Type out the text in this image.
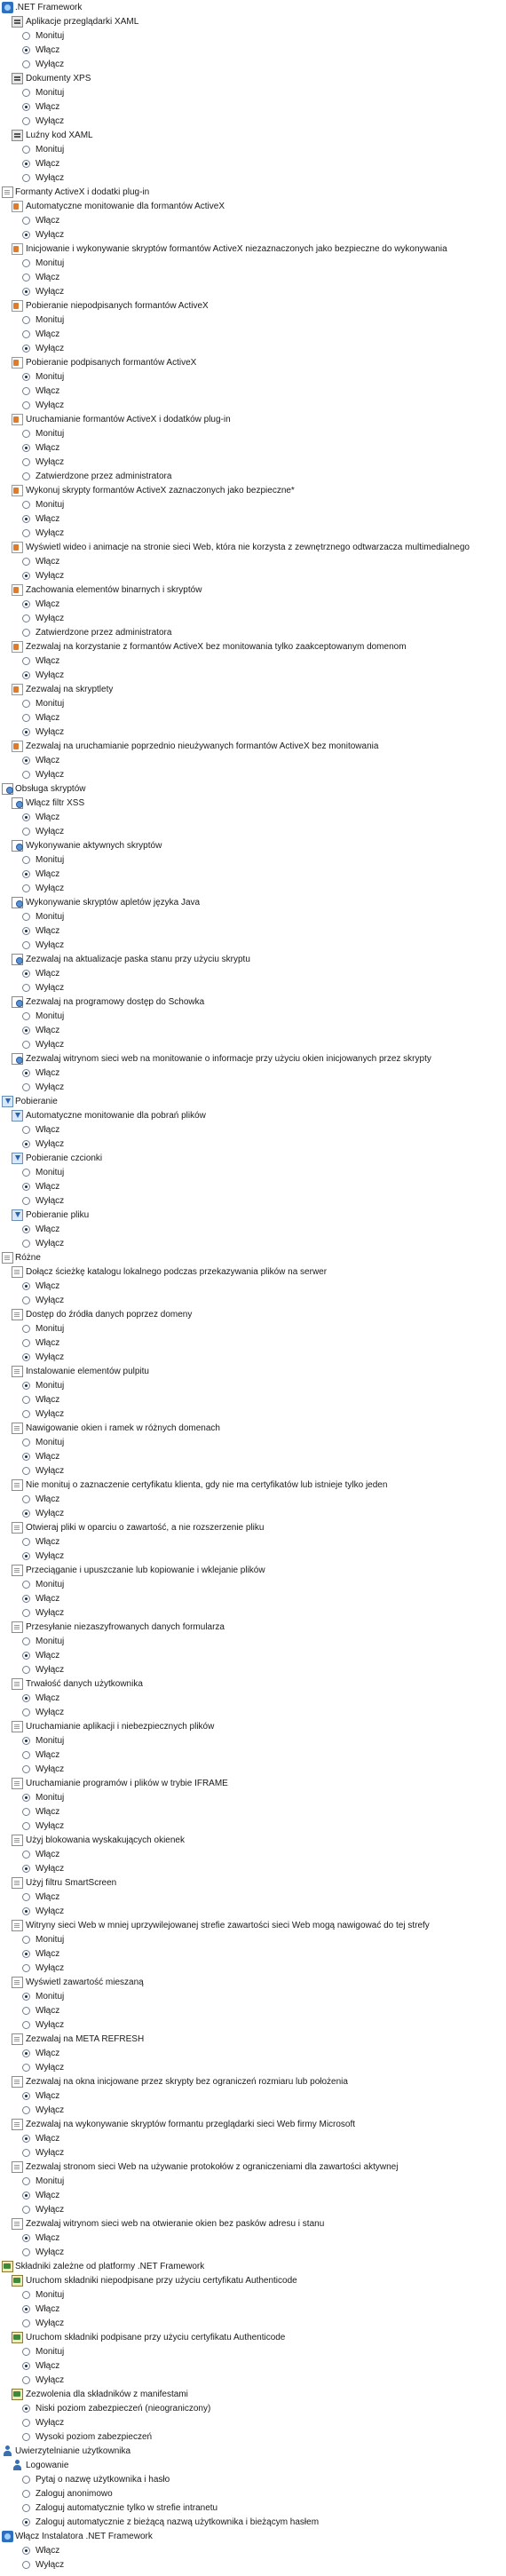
.NET Framework
Aplikacje przeglądarki XAML
Monituj
Włącz
Wyłącz
Dokumenty XPS
Monituj
Włącz
Wyłącz
Luźny kod XAML
Monituj
Włącz
Wyłącz
Formanty ActiveX i dodatki plug-in
Automatyczne monitowanie dla formantów ActiveX
Włącz
Wyłącz
Inicjowanie i wykonywanie skryptów formantów ActiveX niezaznaczonych jako bezpieczne do wykonywania
Monituj
Włącz
Wyłącz
Pobieranie niepodpisanych formantów ActiveX
Monituj
Włącz
Wyłącz
Pobieranie podpisanych formantów ActiveX
Monituj
Włącz
Wyłącz
Uruchamianie formantów ActiveX i dodatków plug-in
Monituj
Włącz
Wyłącz
Zatwierdzone przez administratora
Wykonuj skrypty formantów ActiveX zaznaczonych jako bezpieczne*
Monituj
Włącz
Wyłącz
Wyświetl wideo i animacje na stronie sieci Web, która nie korzysta z zewnętrznego odtwarzacza multimedialnego
Włącz
Wyłącz
Zachowania elementów binarnych i skryptów
Włącz
Wyłącz
Zatwierdzone przez administratora
Zezwalaj na korzystanie z formantów ActiveX bez monitowania tylko zaakceptowanym domenom
Włącz
Wyłącz
Zezwalaj na skryptlety
Monituj
Włącz
Wyłącz
Zezwalaj na uruchamianie poprzednio nieużywanych formantów ActiveX bez monitowania
Włącz
Wyłącz
Obsługa skryptów
Włącz filtr XSS
Włącz
Wyłącz
Wykonywanie aktywnych skryptów
Monituj
Włącz
Wyłącz
Wykonywanie skryptów apletów języka Java
Monituj
Włącz
Wyłącz
Zezwalaj na aktualizacje paska stanu przy użyciu skryptu
Włącz
Wyłącz
Zezwalaj na programowy dostęp do Schowka
Monituj
Włącz
Wyłącz
Zezwalaj witrynom sieci web na monitowanie o informacje przy użyciu okien inicjowanych przez skrypty
Włącz
Wyłącz
Pobieranie
Automatyczne monitowanie dla pobrań plików
Włącz
Wyłącz
Pobieranie czcionki
Monituj
Włącz
Wyłącz
Pobieranie pliku
Włącz
Wyłącz
Różne
Dołącz ścieżkę katalogu lokalnego podczas przekazywania plików na serwer
Włącz
Wyłącz
Dostęp do źródła danych poprzez domeny
Monituj
Włącz
Wyłącz
Instalowanie elementów pulpitu
Monituj
Włącz
Wyłącz
Nawigowanie okien i ramek w różnych domenach
Monituj
Włącz
Wyłącz
Nie monituj o zaznaczenie certyfikatu klienta, gdy nie ma certyfikatów lub istnieje tylko jeden
Włącz
Wyłącz
Otwieraj pliki w oparciu o zawartość, a nie rozszerzenie pliku
Włącz
Wyłącz
Przeciąganie i upuszczanie lub kopiowanie i wklejanie plików
Monituj
Włącz
Wyłącz
Przesyłanie niezaszyfrowanych danych formularza
Monituj
Włącz
Wyłącz
Trwałość danych użytkownika
Włącz
Wyłącz
Uruchamianie aplikacji i niebezpiecznych plików
Monituj
Włącz
Wyłącz
Uruchamianie programów i plików w trybie IFRAME
Monituj
Włącz
Wyłącz
Użyj blokowania wyskakujących okienek
Włącz
Wyłącz
Użyj filtru SmartScreen
Włącz
Wyłącz
Witryny sieci Web w mniej uprzywilejowanej strefie zawartości sieci Web mogą nawigować do tej strefy
Monituj
Włącz
Wyłącz
Wyświetl zawartość mieszaną
Monituj
Włącz
Wyłącz
Zezwalaj na META REFRESH
Włącz
Wyłącz
Zezwalaj na okna inicjowane przez skrypty bez ograniczeń rozmiaru lub położenia
Włącz
Wyłącz
Zezwalaj na wykonywanie skryptów formantu przeglądarki sieci Web firmy Microsoft
Włącz
Wyłącz
Zezwalaj stronom sieci Web na używanie protokołów z ograniczeniami dla zawartości aktywnej
Monituj
Włącz
Wyłącz
Zezwalaj witrynom sieci web na otwieranie okien bez pasków adresu i stanu
Włącz
Wyłącz
Składniki zależne od platformy .NET Framework
Uruchom składniki niepodpisane przy użyciu certyfikatu Authenticode
Monituj
Włącz
Wyłącz
Uruchom składniki podpisane przy użyciu certyfikatu Authenticode
Monituj
Włącz
Wyłącz
Zezwolenia dla składników z manifestami
Niski poziom zabezpieczeń (nieograniczony)
Wyłącz
Wysoki poziom zabezpieczeń
Uwierzytelnianie użytkownika
Logowanie
Pytaj o nazwę użytkownika i hasło
Zaloguj anonimowo
Zaloguj automatycznie tylko w strefie intranetu
Zaloguj automatycznie z bieżącą nazwą użytkownika i bieżącym hasłem
Włącz Instalatora .NET Framework
Włącz
Wyłącz
